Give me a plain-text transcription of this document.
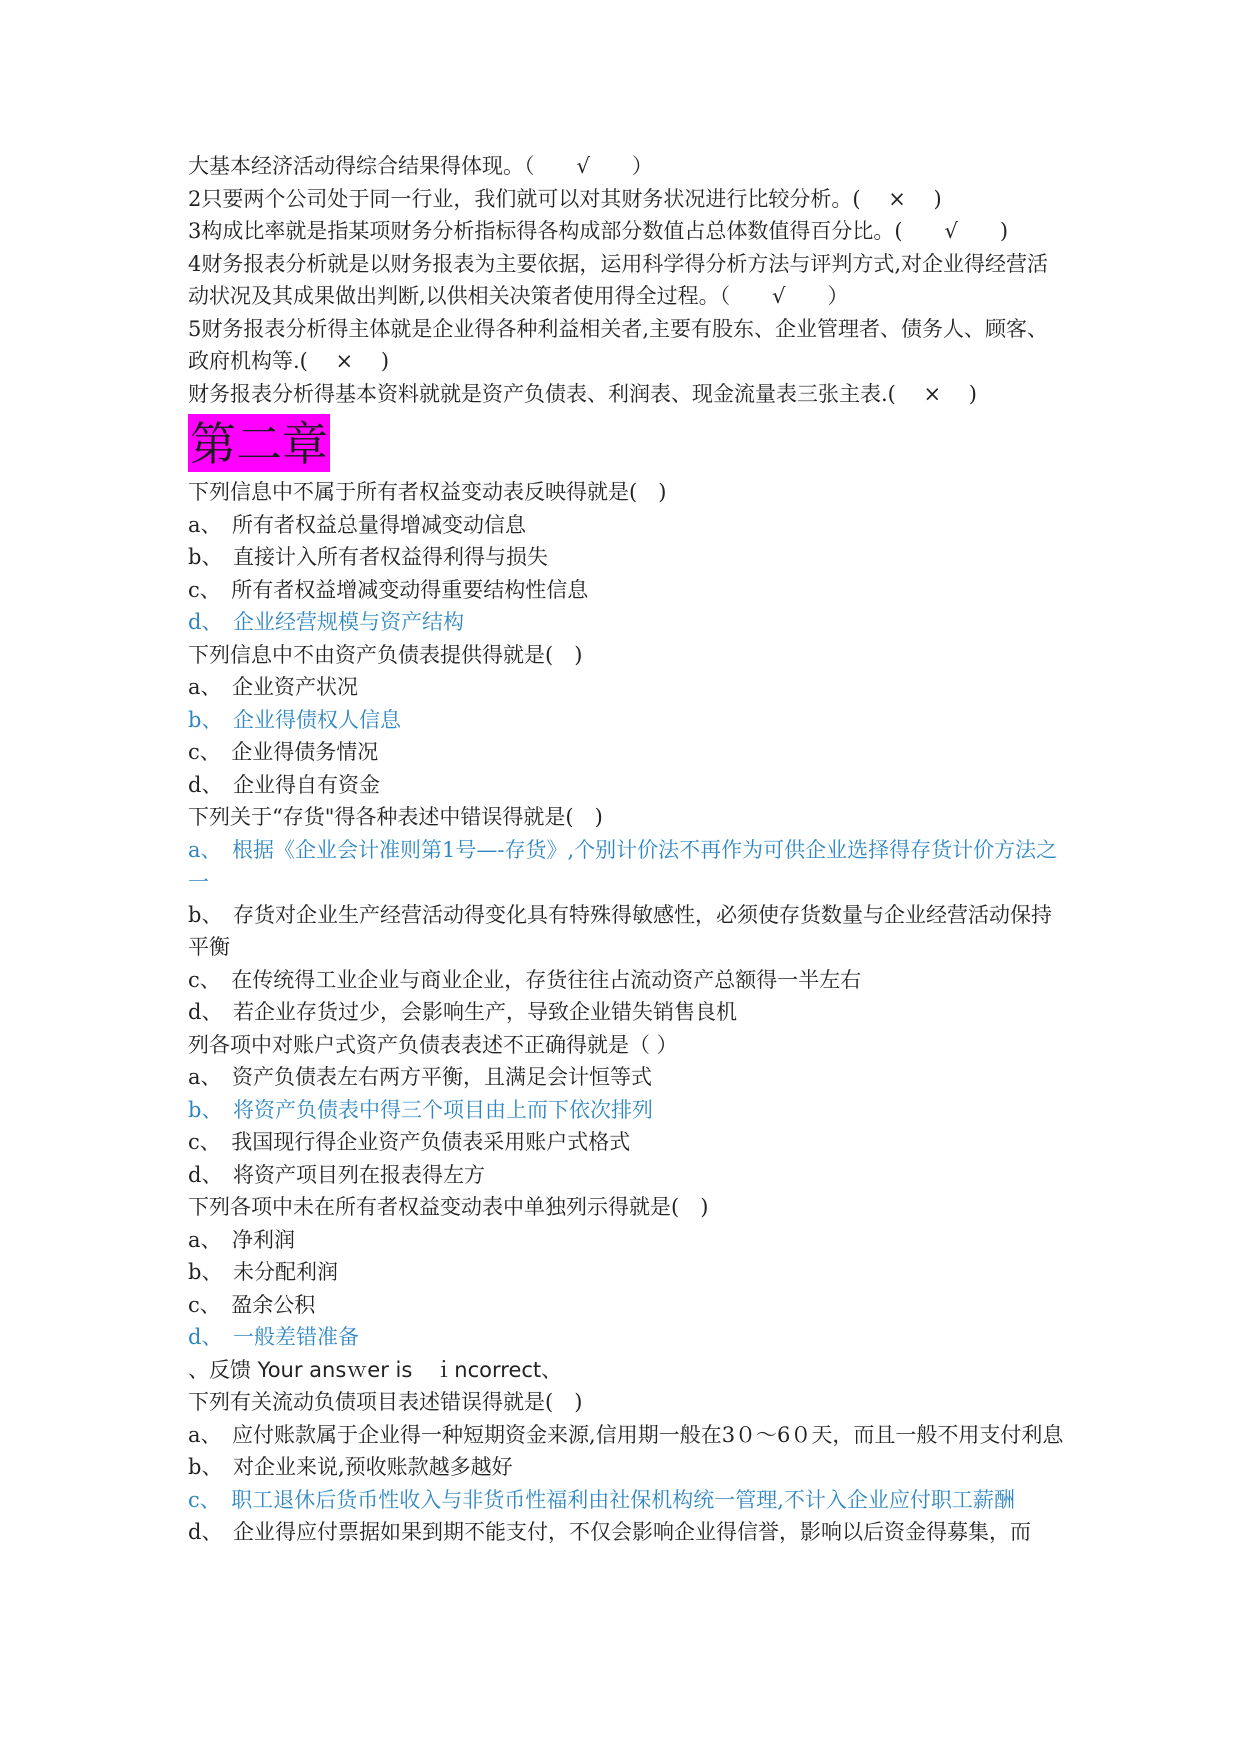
大基本经济活动得综合结果得体现。（　　√　　）
2只要两个公司处于同一行业，我们就可以对其财务状况进行比较分析。(　 × 　)
3构成比率就是指某项财务分析指标得各构成部分数值占总体数值得百分比。(　　√　　)
4财务报表分析就是以财务报表为主要依据，运用科学得分析方法与评判方式,对企业得经营活动状况及其成果做出判断,以供相关决策者使用得全过程。（　　√　　）
5财务报表分析得主体就是企业得各种利益相关者,主要有股东、企业管理者、债务人、顾客、政府机构等.(　 × 　)
财务报表分析得基本资料就就是资产负债表、利润表、现金流量表三张主表.(　 ×　 )
第二章
下列信息中不属于所有者权益变动表反映得就是(　)
a、　所有者权益总量得增减变动信息
b、　直接计入所有者权益得利得与损失
c、　所有者权益增减变动得重要结构性信息
d、　企业经营规模与资产结构
下列信息中不由资产负债表提供得就是(　)
a、　企业资产状况
b、　企业得债权人信息
c、　企业得债务情况
d、　企业得自有资金
下列关于“存货"得各种表述中错误得就是(　)
a、　根据《企业会计准则第1号—-存货》,个别计价法不再作为可供企业选择得存货计价方法之一
b、　存货对企业生产经营活动得变化具有特殊得敏感性，必须使存货数量与企业经营活动保持平衡
c、　在传统得工业企业与商业企业，存货往往占流动资产总额得一半左右
d、　若企业存货过少，会影响生产，导致企业错失销售良机
列各项中对账户式资产负债表表述不正确得就是（ ）
a、　资产负债表左右两方平衡，且满足会计恒等式
b、　将资产负债表中得三个项目由上而下依次排列
c、　我国现行得企业资产负债表采用账户式格式
d、　将资产项目列在报表得左方
下列各项中未在所有者权益变动表中单独列示得就是(　)
a、　净利润
b、　未分配利润
c、　盈余公积
d、　一般差错准备
、反馈 Your ansｗer is　ｉncorrect、
下列有关流动负债项目表述错误得就是(　)
a、　应付账款属于企业得一种短期资金来源,信用期一般在3０～6０天，而且一般不用支付利息
b、　对企业来说,预收账款越多越好
c、　职工退休后货币性收入与非货币性福利由社保机构统一管理,不计入企业应付职工薪酬
d、　企业得应付票据如果到期不能支付，不仅会影响企业得信誉，影响以后资金得募集，而
